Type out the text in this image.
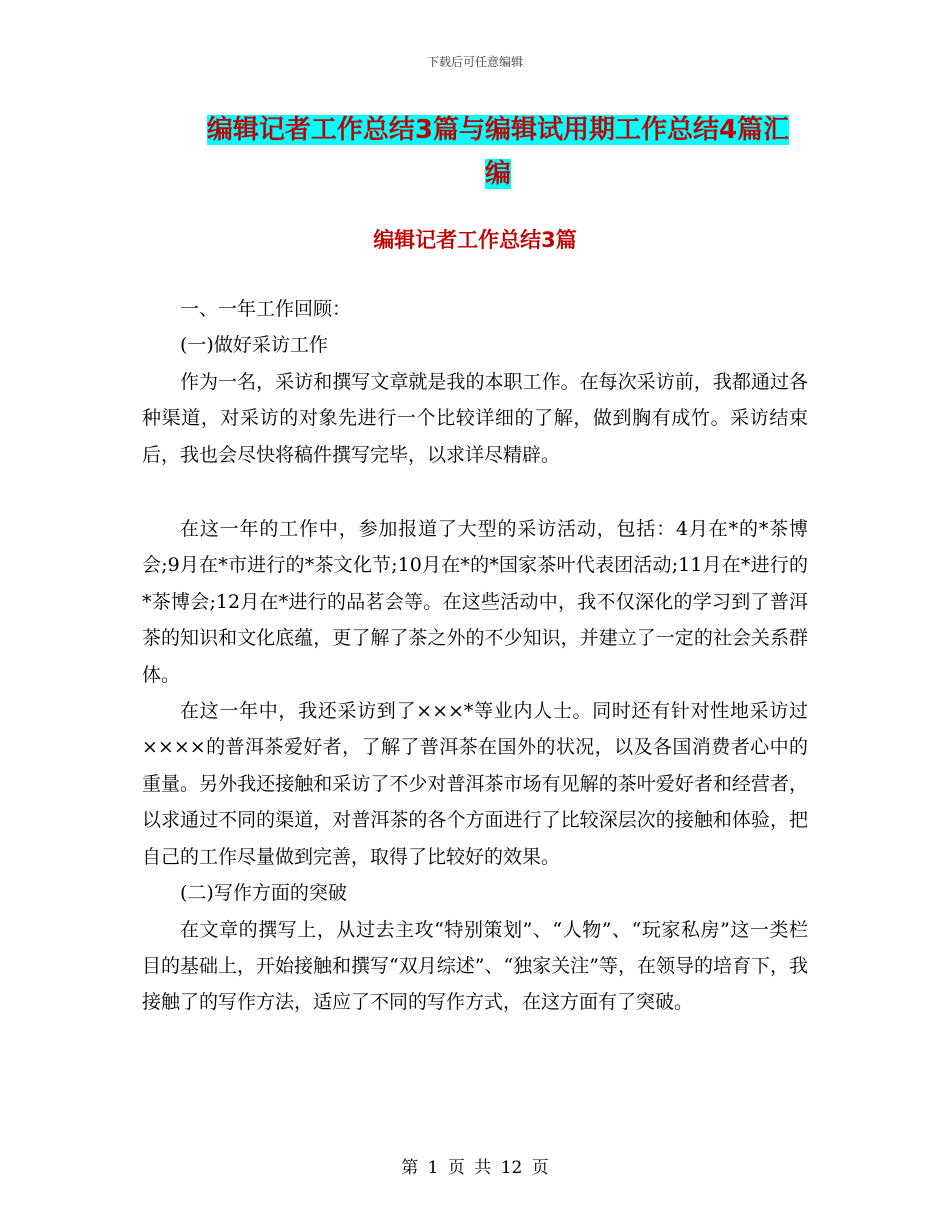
下载后可任意编辑
编辑记者工作总结3篇与编辑试用期工作总结4篇汇
编
编辑记者工作总结3篇

一、一年工作回顾：

(一)做好采访工作

作为一名，采访和撰写文章就是我的本职工作。在每次采访前，我都通过各种渠道，对采访的对象先进行一个比较详细的了解，做到胸有成竹。采访结束后，我也会尽快将稿件撰写完毕，以求详尽精辟。

在这一年的工作中，参加报道了大型的采访活动，包括：4月在*的*茶博会;9月在*市进行的*茶文化节;10月在*的*国家茶叶代表团活动;11月在*进行的*茶博会;12月在*进行的品茗会等。在这些活动中，我不仅深化的学习到了普洱茶的知识和文化底蕴，更了解了茶之外的不少知识，并建立了一定的社会关系群体。

在这一年中，我还采访到了×××*等业内人士。同时还有针对性地采访过××××的普洱茶爱好者，了解了普洱茶在国外的状况，以及各国消费者心中的重量。另外我还接触和采访了不少对普洱茶市场有见解的茶叶爱好者和经营者，以求通过不同的渠道，对普洱茶的各个方面进行了比较深层次的接触和体验，把自己的工作尽量做到完善，取得了比较好的效果。

(二)写作方面的突破

在文章的撰写上，从过去主攻“特别策划”、“人物”、“玩家私房”这一类栏目的基础上，开始接触和撰写“双月综述”、“独家关注”等，在领导的培育下，我接触了的写作方法，适应了不同的写作方式，在这方面有了突破。

第 1 页 共 12 页
